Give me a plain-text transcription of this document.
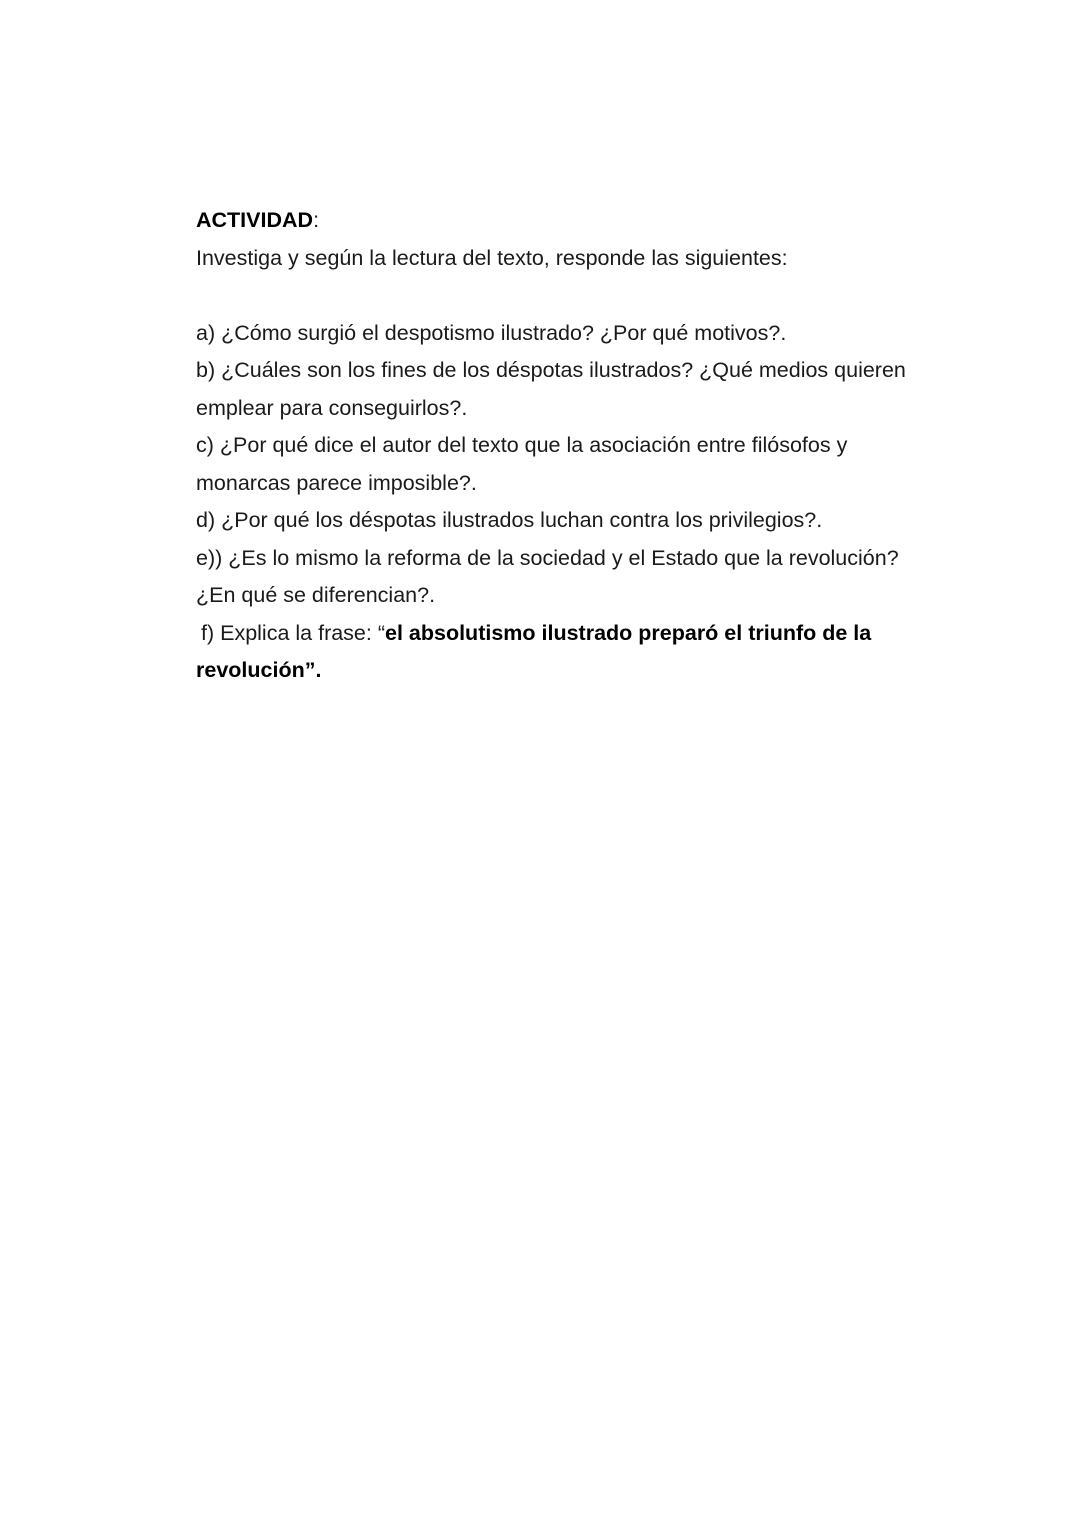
ACTIVIDAD:

Investiga y según la lectura del texto, responde las siguientes:

a) ¿Cómo surgió el despotismo ilustrado? ¿Por qué motivos?.
b) ¿Cuáles son los fines de los déspotas ilustrados? ¿Qué medios quieren emplear para conseguirlos?.
c) ¿Por qué dice el autor del texto que la asociación entre filósofos y monarcas parece imposible?.
d) ¿Por qué los déspotas ilustrados luchan contra los privilegios?.
e)) ¿Es lo mismo la reforma de la sociedad y el Estado que la revolución? ¿En qué se diferencian?.
f) Explica la frase: “el absolutismo ilustrado preparó el triunfo de la revolución”.
